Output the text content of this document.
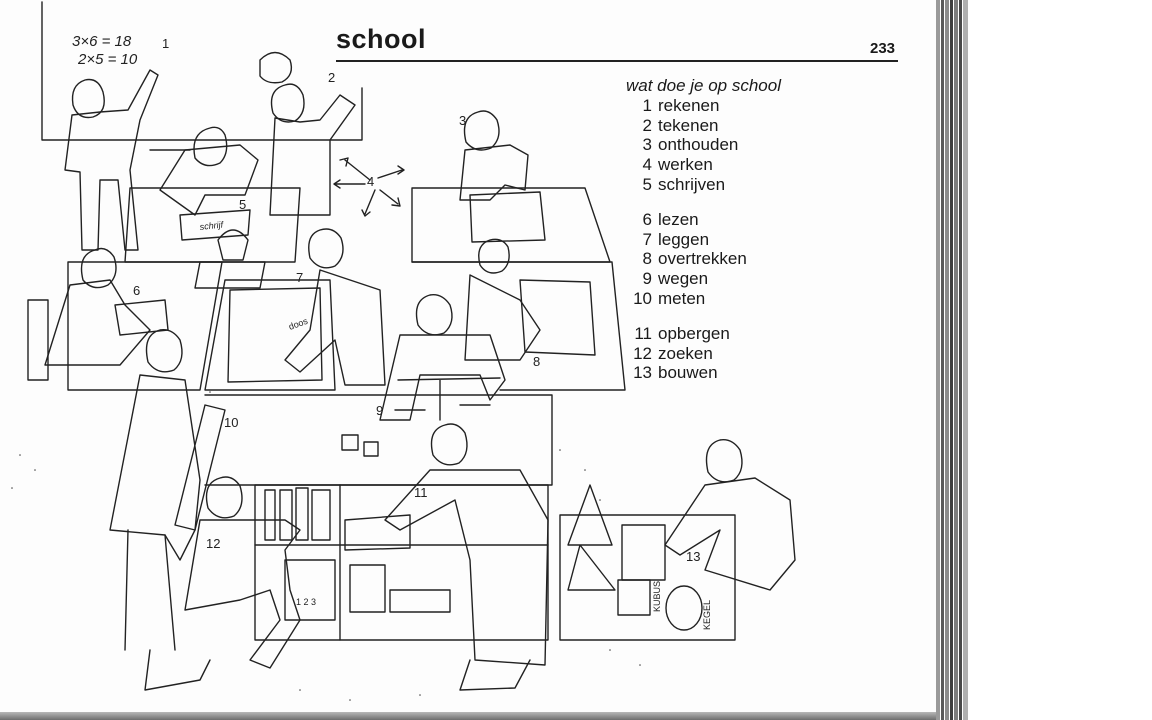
school	233
3×6 = 18
2×5 = 10
doos
KUBUS
KEGEL
1 2 3
schrijf
1
2
3
4
5
6
7
8
9
10
11
12
13
wat doe je op school
1 rekenen
2 tekenen
3 onthouden
4 werken
5 schrijven
6 lezen
7 leggen
8 overtrekken
9 wegen
10 meten
11 opbergen
12 zoeken
13 bouwen
